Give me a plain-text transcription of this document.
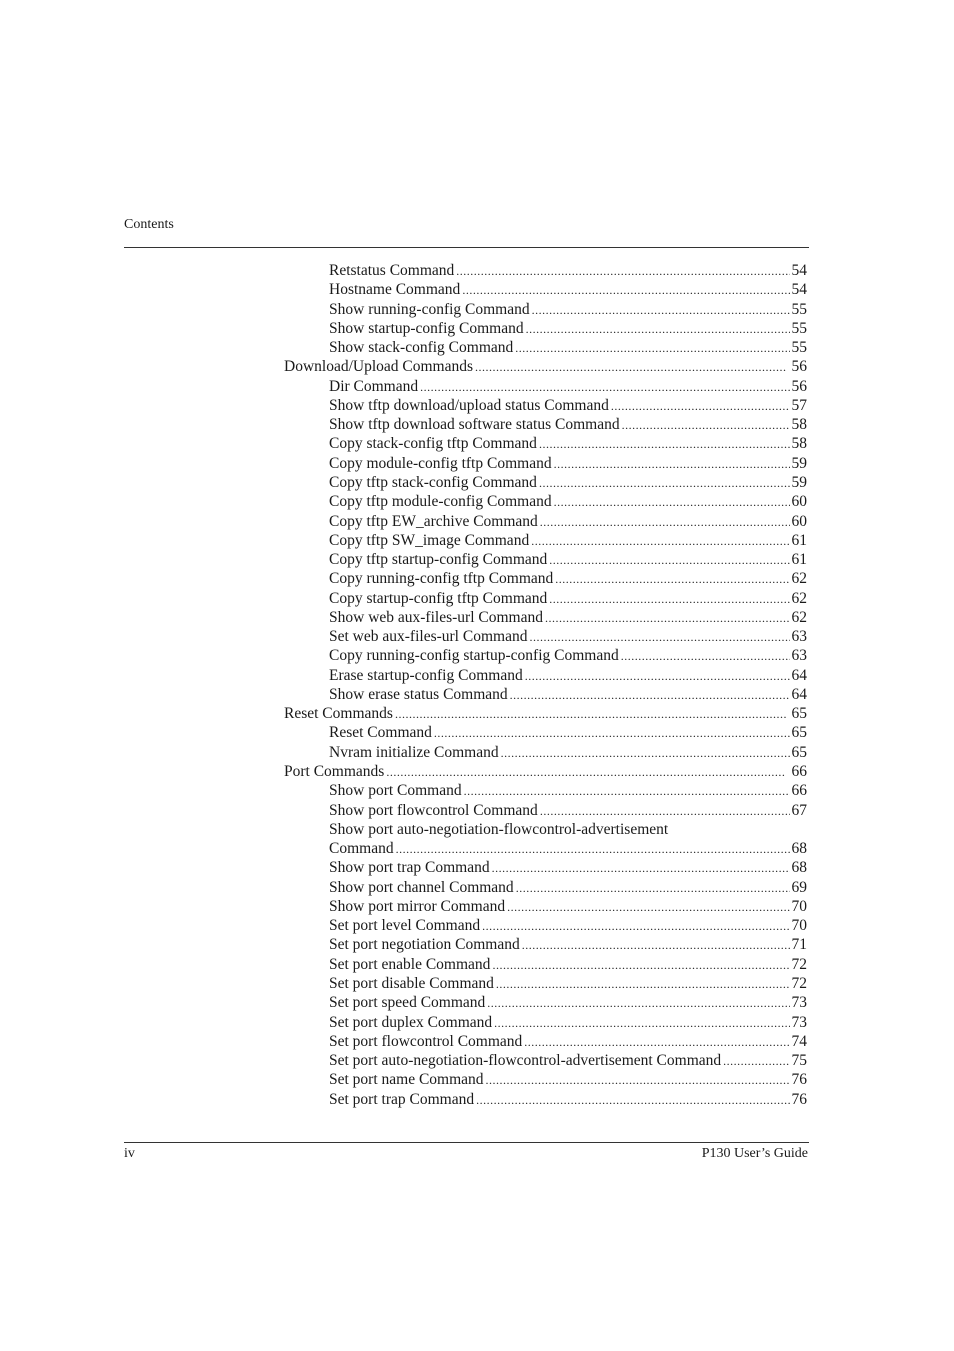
Contents
Retstatus Command .....	54
Hostname Command .....	54
Show running-config Command .....	55
Show startup-config Command .....	55
Show stack-config Command .....	55
Download/Upload Commands .....	56
Dir Command .....	56
Show tftp download/upload status Command .....	57
Show tftp download software status Command .....	58
Copy stack-config tftp Command .....	58
Copy module-config tftp Command .....	59
Copy tftp stack-config Command .....	59
Copy tftp module-config Command .....	60
Copy tftp EW_archive Command .....	60
Copy tftp SW_image Command .....	61
Copy tftp startup-config Command .....	61
Copy running-config tftp Command .....	62
Copy startup-config tftp Command .....	62
Show web aux-files-url Command .....	62
Set web aux-files-url Command .....	63
Copy running-config startup-config Command .....	63
Erase startup-config Command .....	64
Show erase status Command .....	64
Reset Commands .....	65
Reset Command .....	65
Nvram initialize Command .....	65
Port Commands .....	66
Show port Command .....	66
Show port flowcontrol Command .....	67
Show port auto-negotiation-flowcontrol-advertisement
Command .....	68
Show port trap Command .....	68
Show port channel Command .....	69
Show port mirror Command .....	70
Set port level Command .....	70
Set port negotiation Command .....	71
Set port enable Command .....	72
Set port disable Command .....	72
Set port speed Command .....	73
Set port duplex Command .....	73
Set port flowcontrol Command .....	74
Set port auto-negotiation-flowcontrol-advertisement Command .....	75
Set port name Command .....	76
Set port trap Command .....	76
iv	P130 User’s Guide
